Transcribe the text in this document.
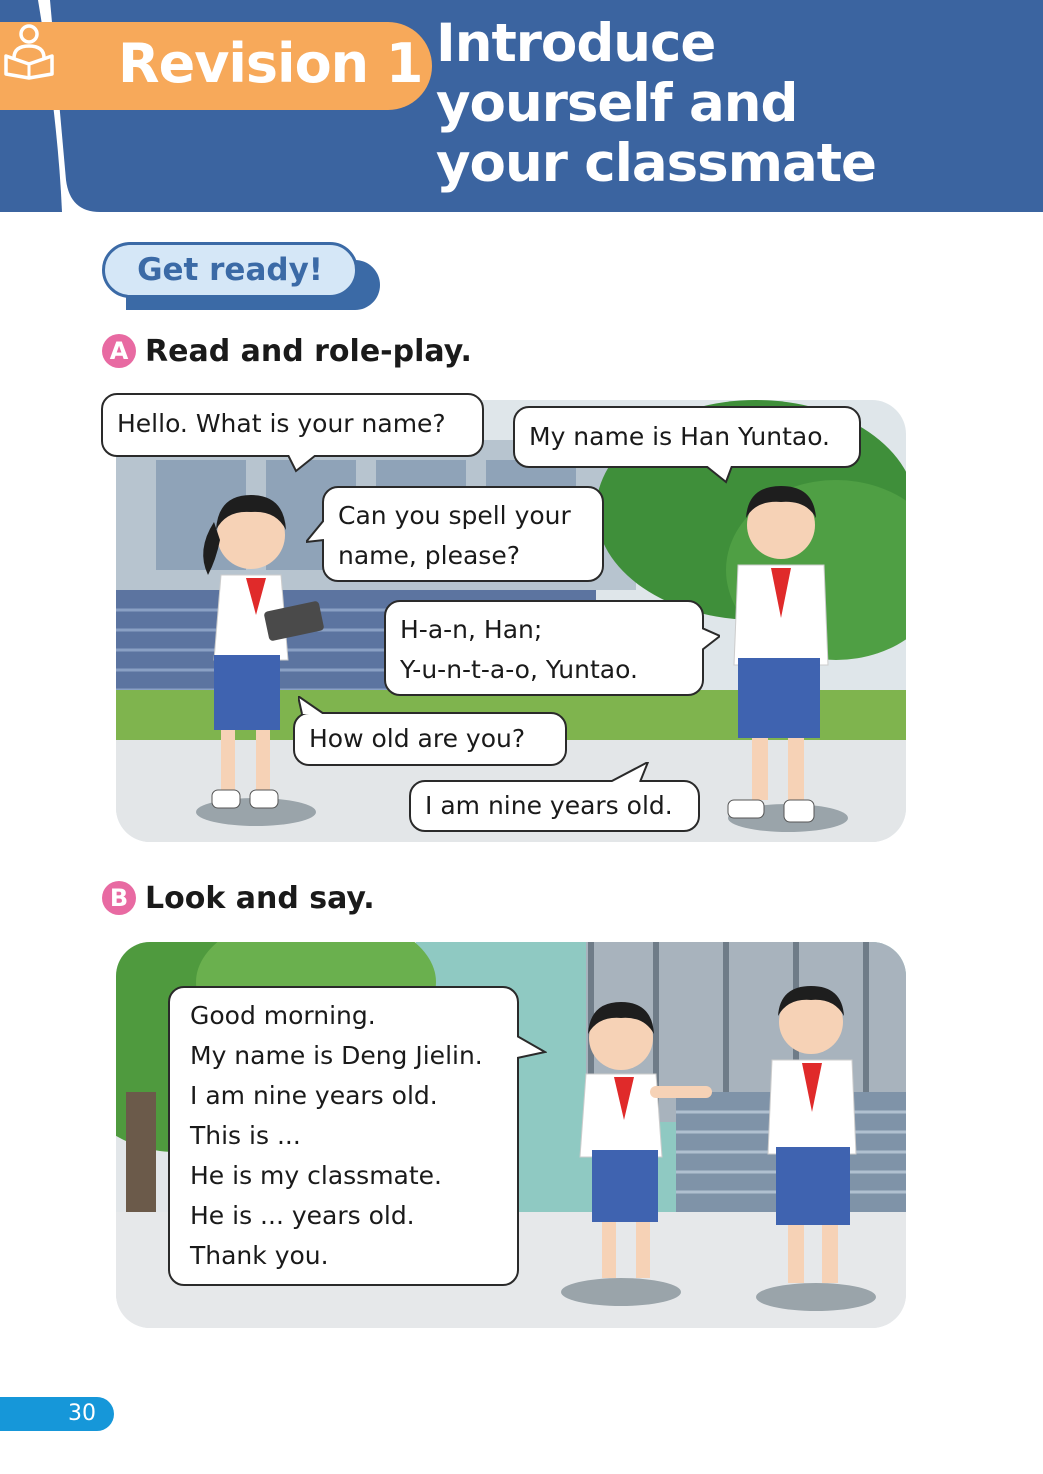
Revision 1 Introduce
yourself and
your classmate
Get ready!
A Read and role-play.
Hello. What is your name?	My name is Han Yuntao.
Can you spell your
name, please?
H-a-n, Han;
Y-u-n-t-a-o, Yuntao.
How old are you?
I am nine years old.
B Look and say.
Good morning.
My name is Deng Jielin.
I am nine years old.
This is ...
He is my classmate.
He is ... years old.
Thank you.
30
